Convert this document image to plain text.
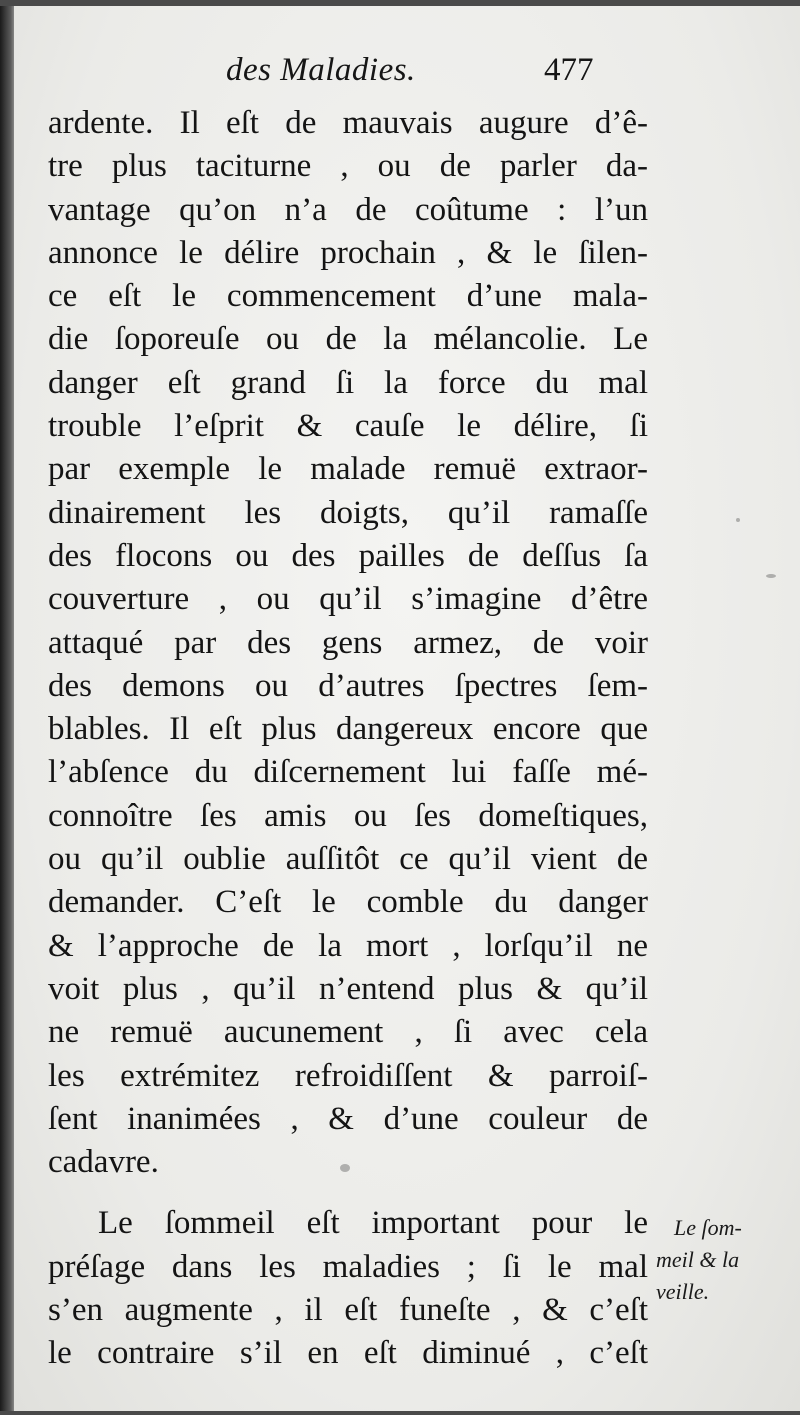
des Maladies.	477
ardente. Il eſt de mauvais augure d’ê-
tre plus taciturne , ou de parler da-
vantage qu’on n’a de coûtume : l’un
annonce le délire prochain , & le ſilen-
ce eſt le commencement d’une mala-
die ſoporeuſe ou de la mélancolie. Le
danger eſt grand ſi la force du mal
trouble l’eſprit & cauſe le délire, ſi
par exemple le malade remuë extraor-
dinairement les doigts, qu’il ramaſſe
des flocons ou des pailles de deſſus ſa
couverture , ou qu’il s’imagine d’être
attaqué par des gens armez, de voir
des demons ou d’autres ſpectres ſem-
blables. Il eſt plus dangereux encore que
l’abſence du diſcernement lui faſſe mé-
connoître ſes amis ou ſes domeſtiques,
ou qu’il oublie auſſitôt ce qu’il vient de
demander. C’eſt le comble du danger
& l’approche de la mort , lorſqu’il ne
voit plus , qu’il n’entend plus & qu’il
ne remuë aucunement , ſi avec cela
les extrémitez refroidiſſent & parroiſ-
ſent inanimées , & d’une couleur de
cadavre.
Le ſommeil eſt important pour le
préſage dans les maladies ; ſi le mal
s’en augmente , il eſt funeſte , & c’eſt
le contraire s’il en eſt diminué , c’eſt
Le ſom-
meil & la
veille.
